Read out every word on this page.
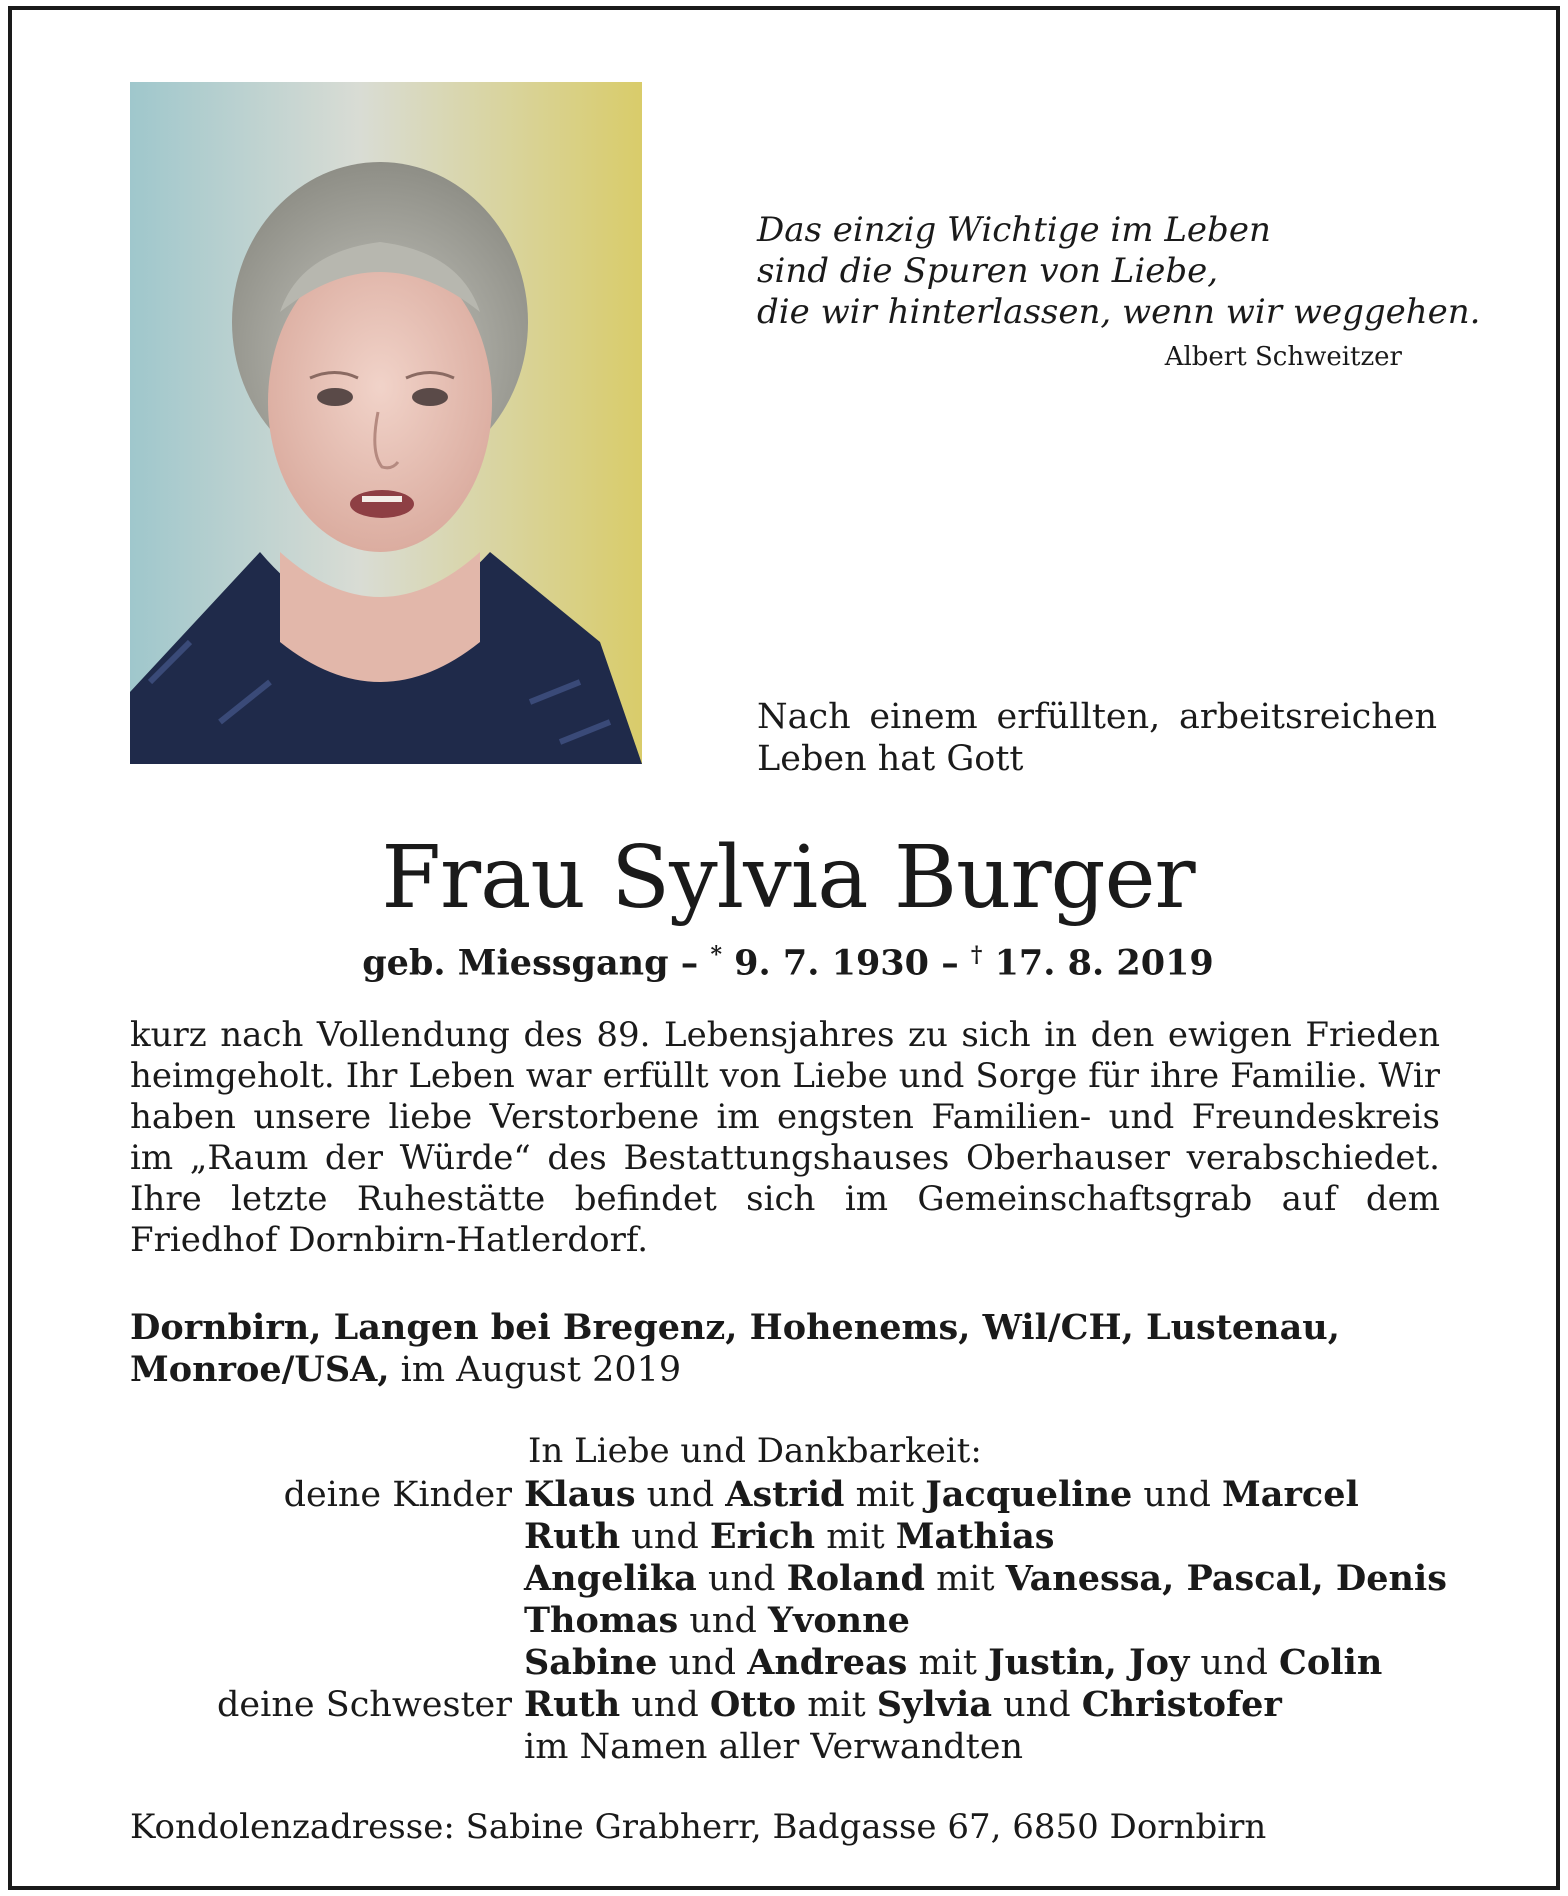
Das einzig Wichtige im Leben
sind die Spuren von Liebe,
die wir hinterlassen, wenn wir weggehen.
Albert Schweitzer
Nach einem erfüllten, arbeitsreichen
Leben hat Gott
Frau Sylvia Burger
geb. Miessgang – * 9. 7. 1930 – † 17. 8. 2019
kurz nach Vollendung des 89. Lebensjahres zu sich in den ewigen Frieden heimgeholt. Ihr Leben war erfüllt von Liebe und Sorge für ihre Familie. Wir haben unsere liebe Verstorbene im engsten Familien- und Freundeskreis im „Raum der Würde“ des Bestattungshauses Oberhauser verabschiedet. Ihre letzte Ruhestätte befindet sich im Gemeinschaftsgrab auf dem Friedhof Dornbirn-Hatlerdorf.
Dornbirn, Langen bei Bregenz, Hohenems, Wil/CH, Lustenau,
Monroe/USA, im August 2019
In Liebe und Dankbarkeit:
deine Kinder Klaus und Astrid mit Jacqueline und Marcel
Ruth und Erich mit Mathias
Angelika und Roland mit Vanessa, Pascal, Denis
Thomas und Yvonne
Sabine und Andreas mit Justin, Joy und Colin
deine Schwester Ruth und Otto mit Sylvia und Christofer
im Namen aller Verwandten
Kondolenzadresse: Sabine Grabherr, Badgasse 67, 6850 Dornbirn
